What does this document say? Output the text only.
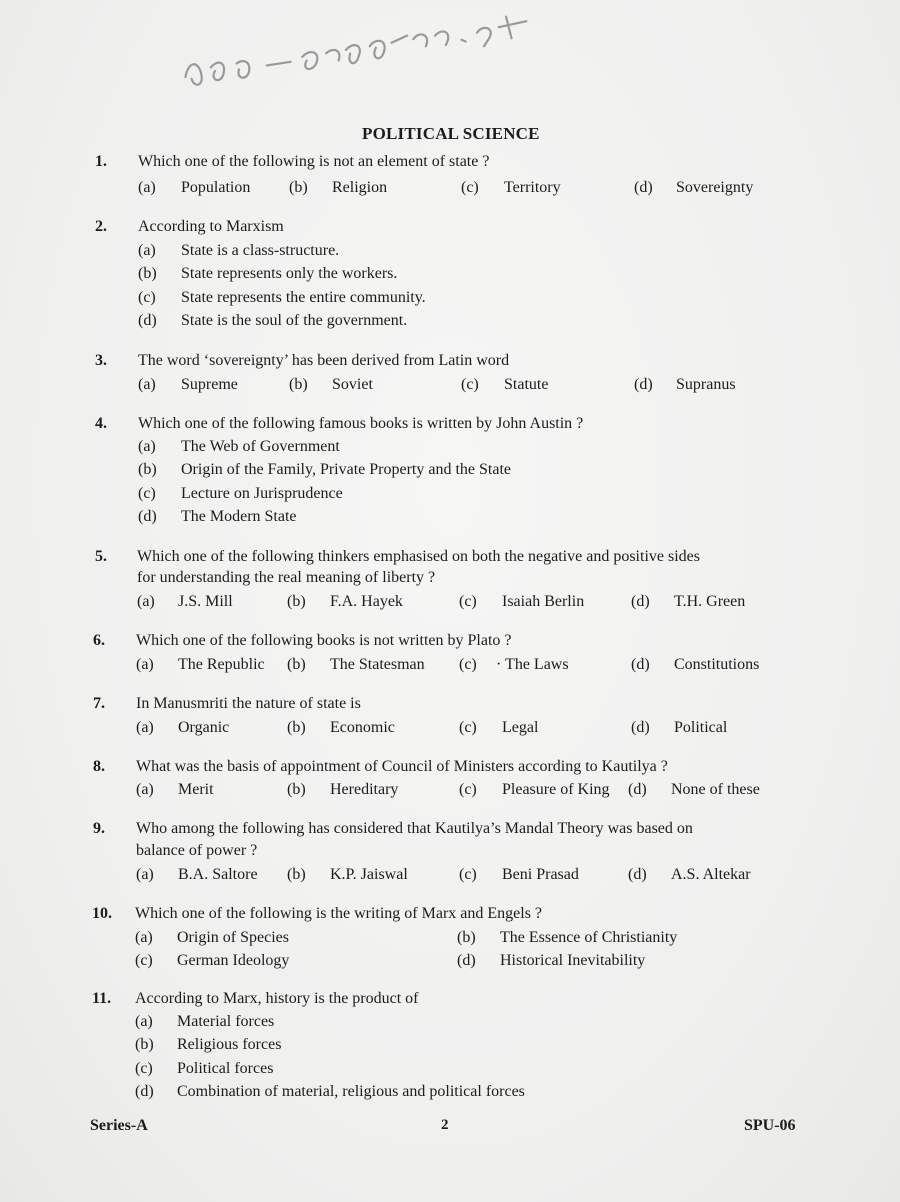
POLITICAL SCIENCE
1. Which one of the following is not an element of state ?
(a) Population (b) Religion	(c) Territory	(d) Sovereignty
2. According to Marxism
(a) State is a class-structure.
(b) State represents only the workers.
(c) State represents the entire community.
(d) State is the soul of the government.
3. The word ‘sovereignty’ has been derived from Latin word
(a) Supreme	(b) Soviet	(c) Statute	(d) Supranus
4. Which one of the following famous books is written by John Austin ?
(a) The Web of Government
(b) Origin of the Family, Private Property and the State
(c) Lecture on Jurisprudence
(d) The Modern State
5. Which one of the following thinkers emphasised on both the negative and positive sides
for understanding the real meaning of liberty ?
(a) J.S. Mill	(b) F.A. Hayek	(c) Isaiah Berlin	(d) T.H. Green
6. Which one of the following books is not written by Plato ?
(a) The Republic (b) The Statesman (c) · The Laws	(d) Constitutions
7. In Manusmriti the nature of state is
(a) Organic	(b) Economic	(c) Legal	(d) Political
8. What was the basis of appointment of Council of Ministers according to Kautilya ?
(a) Merit	(b) Hereditary	(c) Pleasure of King (d) None of these
9. Who among the following has considered that Kautilya’s Mandal Theory was based on
balance of power ?
(a) B.A. Saltore (b) K.P. Jaiswal	(c) Beni Prasad	(d) A.S. Altekar
10. Which one of the following is the writing of Marx and Engels ?
(a) Origin of Species	(b) The Essence of Christianity
(c) German Ideology	(d) Historical Inevitability
11. According to Marx, history is the product of
(a) Material forces
(b) Religious forces
(c) Political forces
(d) Combination of material, religious and political forces
Series-A	2	SPU-06
